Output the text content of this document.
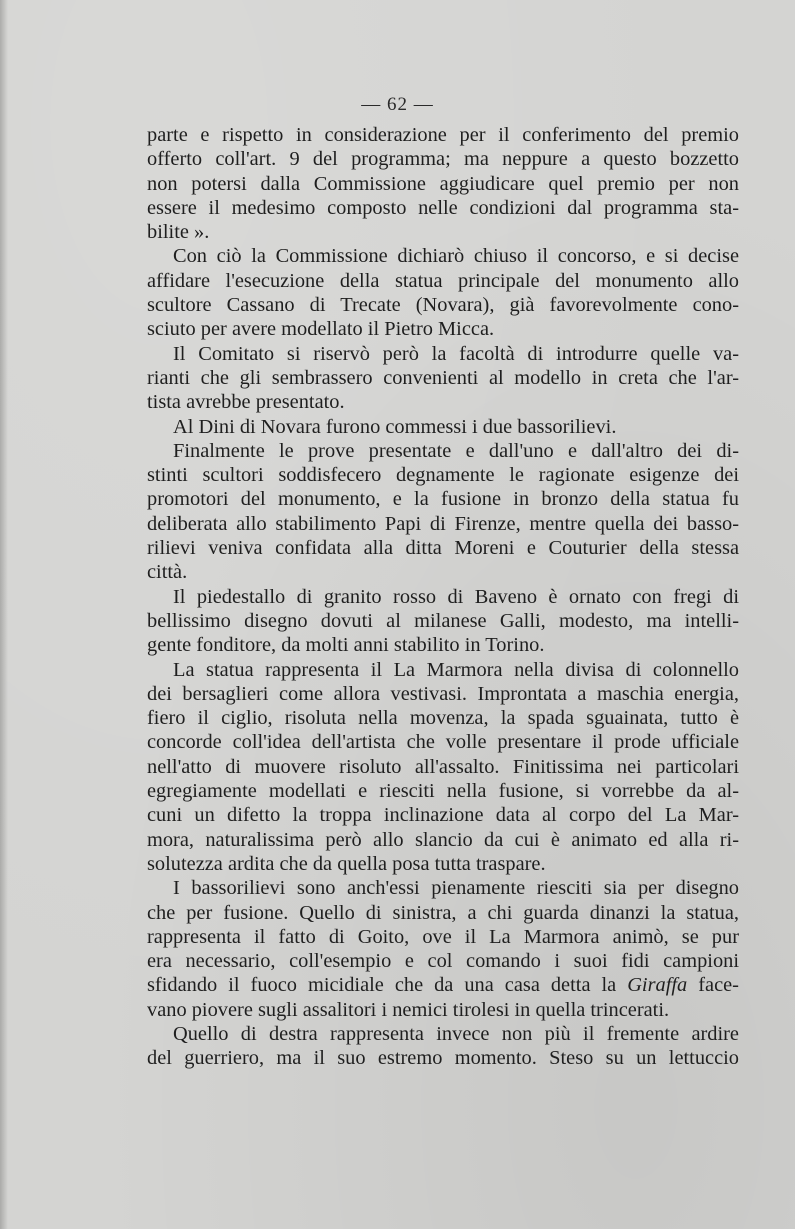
— 62 —
parte e rispetto in considerazione per il conferimento del premio
offerto coll'art. 9 del programma; ma neppure a questo bozzetto
non potersi dalla Commissione aggiudicare quel premio per non
essere il medesimo composto nelle condizioni dal programma sta-
bilite ».
Con ciò la Commissione dichiarò chiuso il concorso, e si decise
affidare l'esecuzione della statua principale del monumento allo
scultore Cassano di Trecate (Novara), già favorevolmente cono-
sciuto per avere modellato il Pietro Micca.
Il Comitato si riservò però la facoltà di introdurre quelle va-
rianti che gli sembrassero convenienti al modello in creta che l'ar-
tista avrebbe presentato.
Al Dini di Novara furono commessi i due bassorilievi.
Finalmente le prove presentate e dall'uno e dall'altro dei di-
stinti scultori soddisfecero degnamente le ragionate esigenze dei
promotori del monumento, e la fusione in bronzo della statua fu
deliberata allo stabilimento Papi di Firenze, mentre quella dei basso-
rilievi veniva confidata alla ditta Moreni e Couturier della stessa
città.
Il piedestallo di granito rosso di Baveno è ornato con fregi di
bellissimo disegno dovuti al milanese Galli, modesto, ma intelli-
gente fonditore, da molti anni stabilito in Torino.
La statua rappresenta il La Marmora nella divisa di colonnello
dei bersaglieri come allora vestivasi. Improntata a maschia energia,
fiero il ciglio, risoluta nella movenza, la spada sguainata, tutto è
concorde coll'idea dell'artista che volle presentare il prode ufficiale
nell'atto di muovere risoluto all'assalto. Finitissima nei particolari
egregiamente modellati e riesciti nella fusione, si vorrebbe da al-
cuni un difetto la troppa inclinazione data al corpo del La Mar-
mora, naturalissima però allo slancio da cui è animato ed alla ri-
solutezza ardita che da quella posa tutta traspare.
I bassorilievi sono anch'essi pienamente riesciti sia per disegno
che per fusione. Quello di sinistra, a chi guarda dinanzi la statua,
rappresenta il fatto di Goito, ove il La Marmora animò, se pur
era necessario, coll'esempio e col comando i suoi fidi campioni
sfidando il fuoco micidiale che da una casa detta la Giraffa face-
vano piovere sugli assalitori i nemici tirolesi in quella trincerati.
Quello di destra rappresenta invece non più il fremente ardire
del guerriero, ma il suo estremo momento. Steso su un lettuccio
